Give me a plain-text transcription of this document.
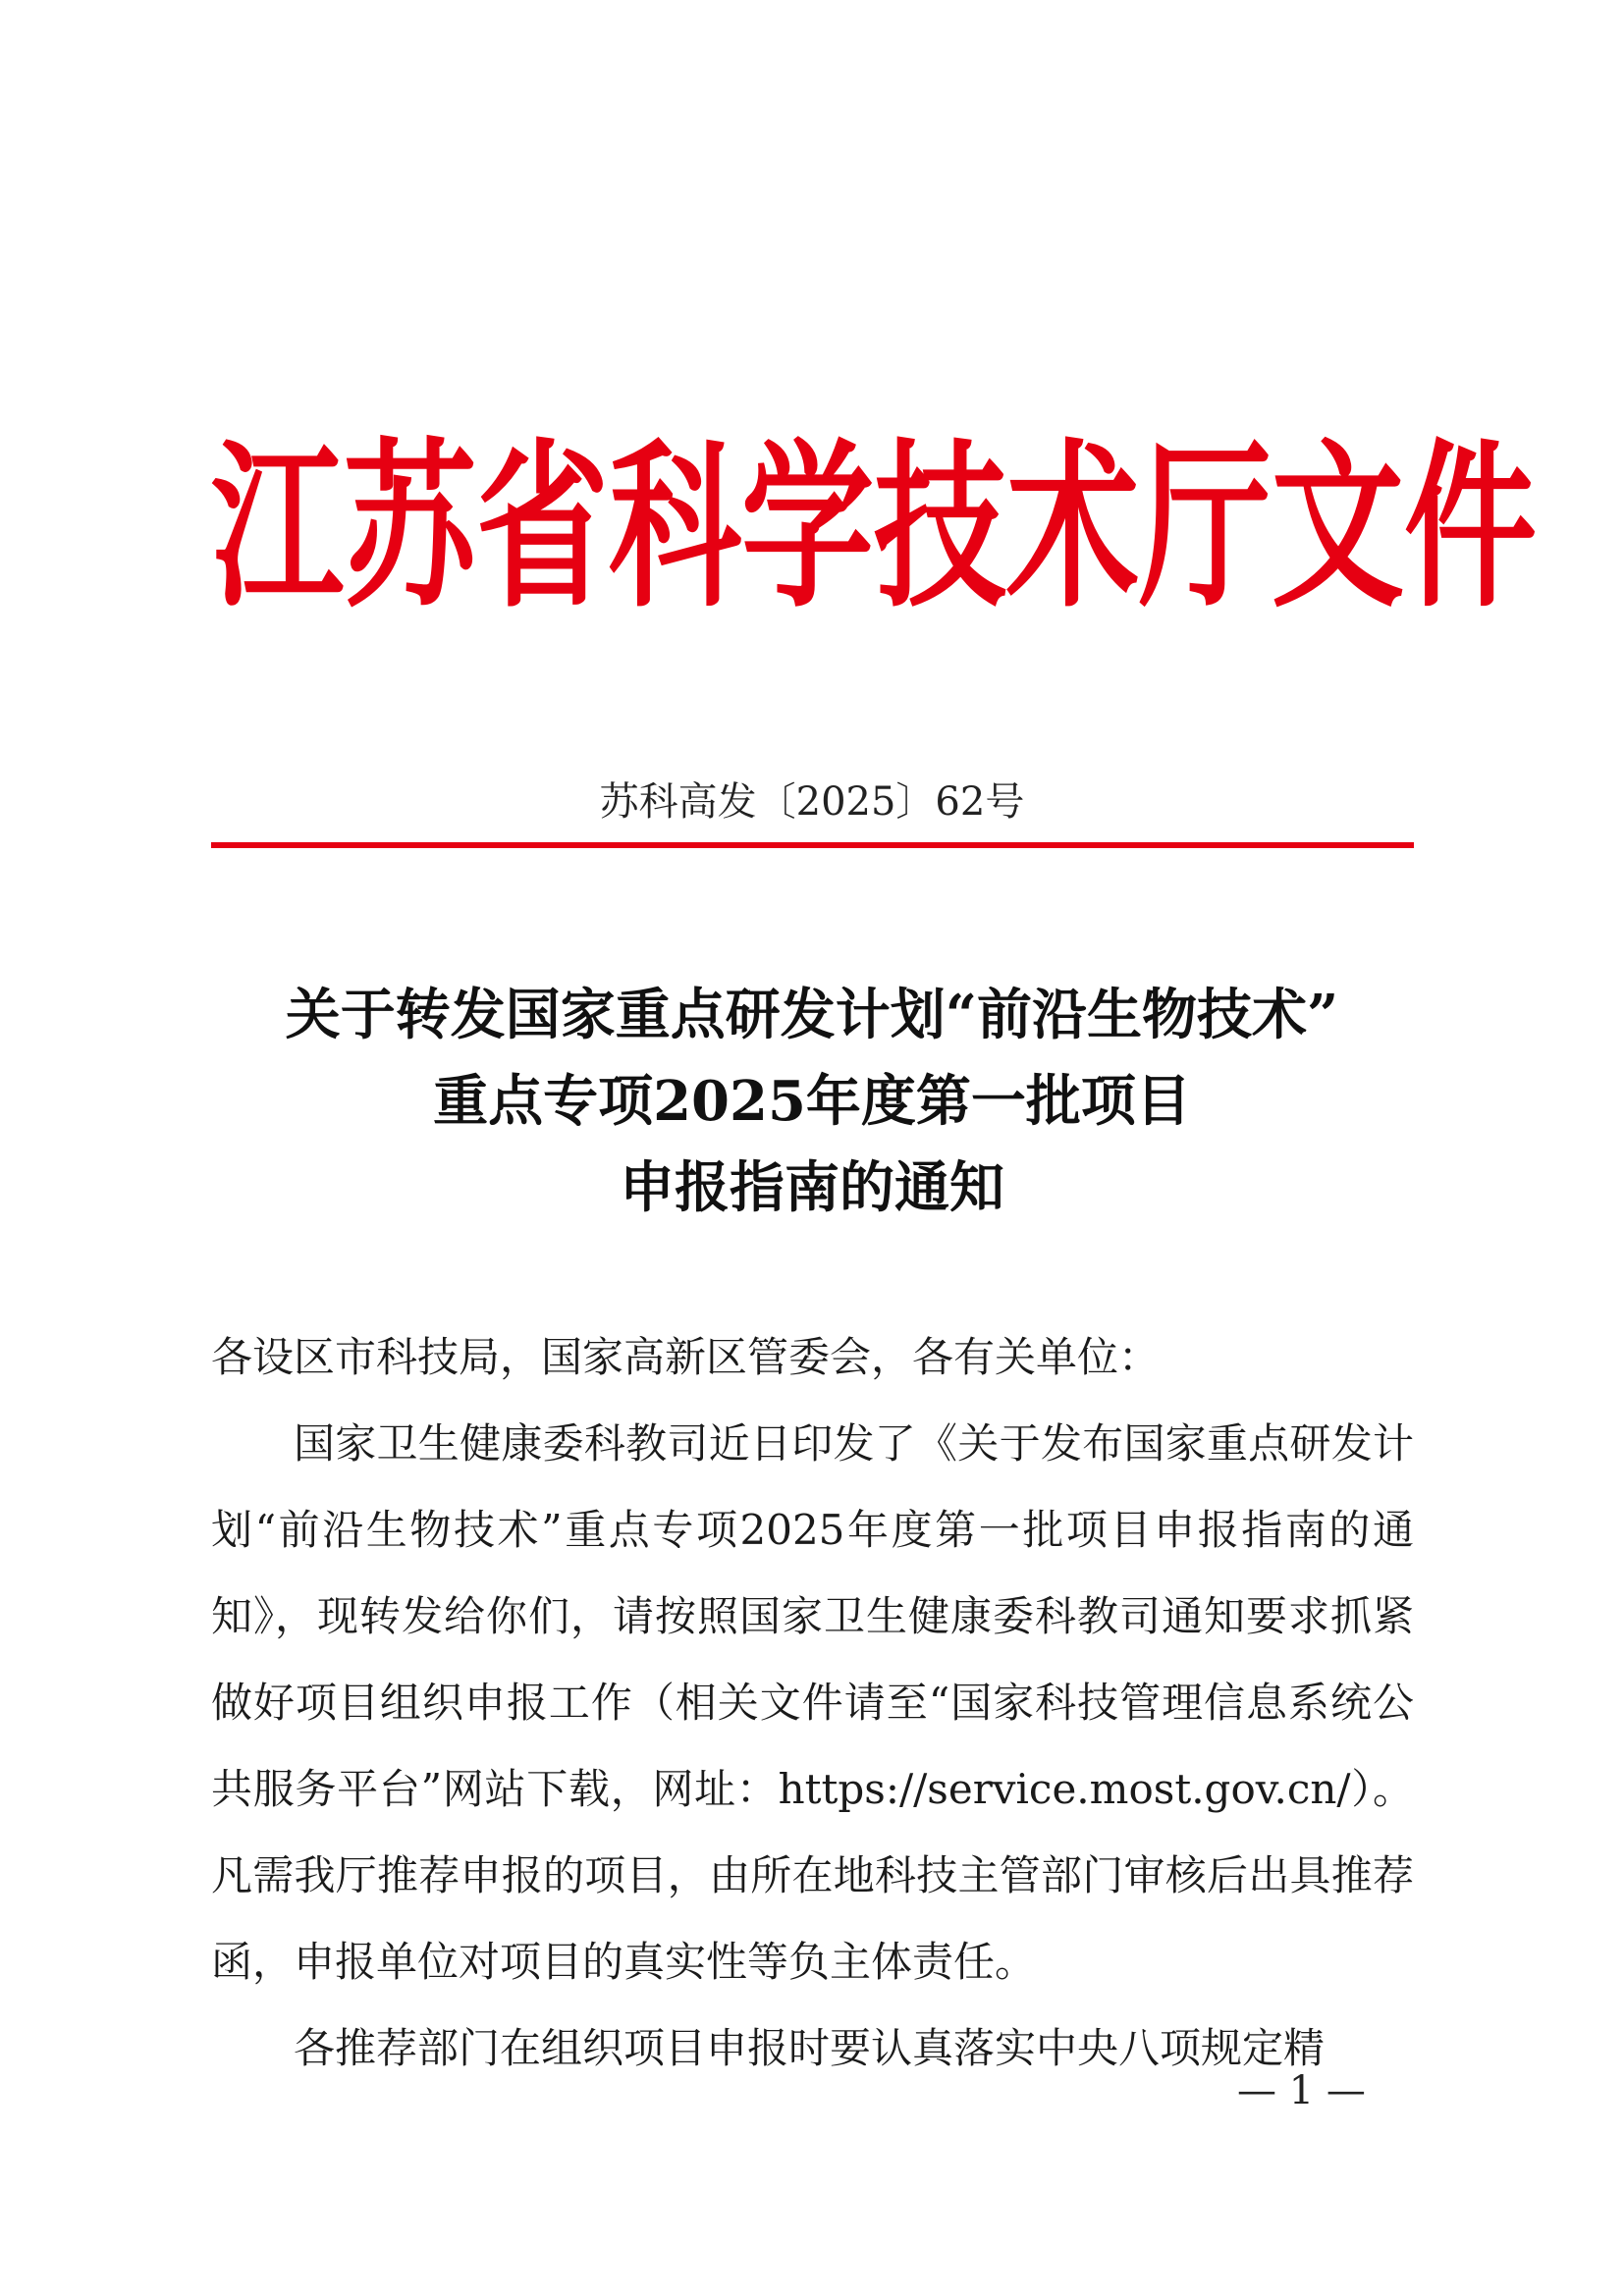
江苏省科学技术厅文件
苏科高发〔2025〕62号
关于转发国家重点研发计划“前沿生物技术”
重点专项2025年度第一批项目
申报指南的通知

各设区市科技局，国家高新区管委会，各有关单位：

国家卫生健康委科教司近日印发了《关于发布国家重点研发计划“前沿生物技术”重点专项2025年度第一批项目申报指南的通知》，现转发给你们，请按照国家卫生健康委科教司通知要求抓紧做好项目组织申报工作（相关文件请至“国家科技管理信息系统公共服务平台”网站下载，网址：https://service.most.gov.cn/）。凡需我厅推荐申报的项目，由所在地科技主管部门审核后出具推荐函，申报单位对项目的真实性等负主体责任。

各推荐部门在组织项目申报时要认真落实中央八项规定精

— 1 —
